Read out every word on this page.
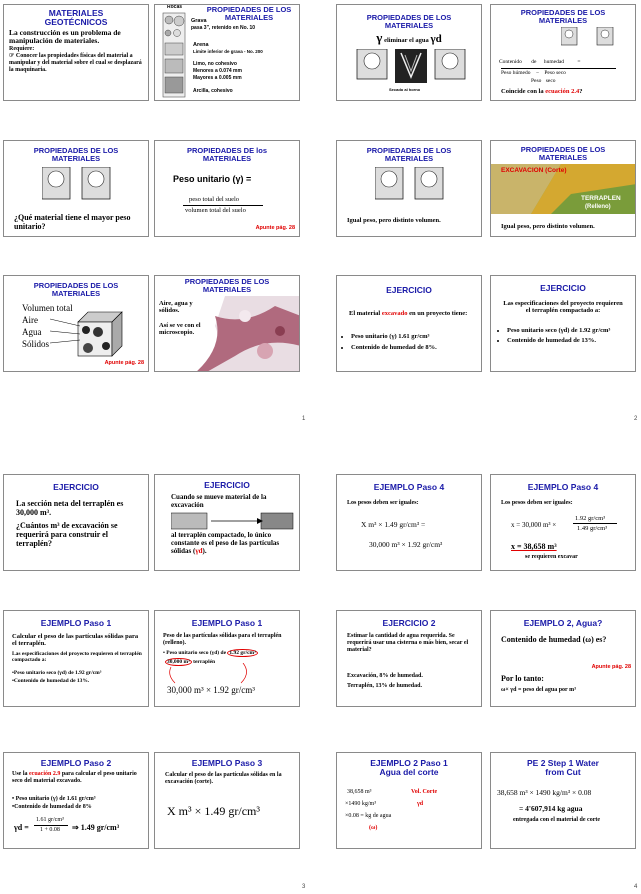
1	2
3	4
MATERIALES GEOTÉCNICOS
La construcción es un problema de manipulación de materiales.
Requiere:
☞ Conocer las propiedades físicas del material a manipular y del material sobre el cual se desplazará la maquinaria.
PROPIEDADES DE LOS MATERIALES
Rocas
Grava
pasa 3", retenido en No. 10
Arena
Límite inferior de grava - No. 200
Limo, no cohesivo
Menores a 0.074 mm
Mayores a 0.005 mm
Arcilla, cohesivo
PROPIEDADES DE LOS MATERIALES
γ eliminar el agua γd
Secado al horno
PROPIEDADES DE LOS MATERIALES
Contenido de humedad =
Peso húmedo − Peso seco
Peso seco
Coincide con la ecuación 2.4?
PROPIEDADES DE LOS MATERIALES
¿Qué material tiene el mayor peso unitario?
PROPIEDADES DE los MATERIALES
Peso unitario (γ) =
peso total del suelo
volumen total del suelo
Apunte pág. 28
PROPIEDADES DE LOS MATERIALES
Igual peso, pero distinto volumen.
PROPIEDADES DE LOS MATERIALES
EXCAVACION (Corte)
TERRAPLEN
(Relleno)
Igual peso, pero distinto volumen.
PROPIEDADES DE LOS MATERIALES
Volumen total
Aire
Agua
Sólidos
Apunte pág. 28
PROPIEDADES DE LOS MATERIALES
Aire, agua y sólidos.
Así se ve con el microscopio.
EJERCICIO
El material excavado en un proyecto tiene:
• Peso unitario (γ) 1.61 gr/cm³
• Contenido de humedad de 8%.
EJERCICIO
Las especificaciones del proyecto requieren el terraplén compactado a:
• Peso unitario seco (γd) de 1.92 gr/cm³
• Contenido de humedad de 13%.
EJERCICIO
La sección neta del terraplén es 30,000 m³.
¿Cuántos m³ de excavación se requerirá para construir el terraplén?
EJERCICIO
Cuando se mueve material de la excavación
al terraplén compactado, lo único constante es el peso de las partículas sólidas (γd).
EJEMPLO Paso 4
Los pesos deben ser iguales:
X m³ × 1.49 gr/cm³ =
30,000 m³ × 1.92 gr/cm³
EJEMPLO Paso 4
Los pesos deben ser iguales:
x = 30,000 m³ ×
1.92 gr/cm³
1.49 gr/cm³
x = 38,658 m³
se requieren excavar
EJEMPLO Paso 1
Calcular el peso de las partículas sólidas para el terraplén.
Las especificaciones del proyecto requieren el terraplén compactado a:
•Peso unitario seco (γd) de 1.92 gr/cm³
•Contenido de humedad de 13%.
EJEMPLO Paso 1
Peso de las partículas sólidas para el terraplén (relleno).
• Peso unitario seco (γd) de 1.92 gr/cm³
30,000 m³ terraplén
30,000 m³ × 1.92 gr/cm³
EJERCICIO 2
Estimar la cantidad de agua requerida. Se requerirá usar una cisterna o más bien, secar el material?
Excavación, 8% de humedad.
Terraplén, 13% de humedad.
EJEMPLO 2, Agua?
Contenido de humedad (ω) es?
Apunte pág. 28
Por lo tanto:
ω× γd = peso del agua por m³
EJEMPLO Paso 2
Use la ecuación 2.9 para calcular el peso unitario seco del material excavado.
• Peso unitario (γ) de 1.61 gr/cm³
•Contenido de humedad de 8%
γd =
1.61 gr/cm³
1 + 0.08 ⇒ 1.49 gr/cm³
EJEMPLO Paso 3
Calcular el peso de las partículas sólidas en la excavación (corte).
X m³ × 1.49 gr/cm³
EJEMPLO 2 Paso 1 Agua del corte
38,658 m³
×1490 kg/m³
×0.08 = kg de agua
Vol. Corte
γd
(ω)
PE 2 Step 1 Water from Cut
38,658 m³ × 1490 kg/m³ × 0.08
= 4'607,914 kg agua
entregada con el material de corte
